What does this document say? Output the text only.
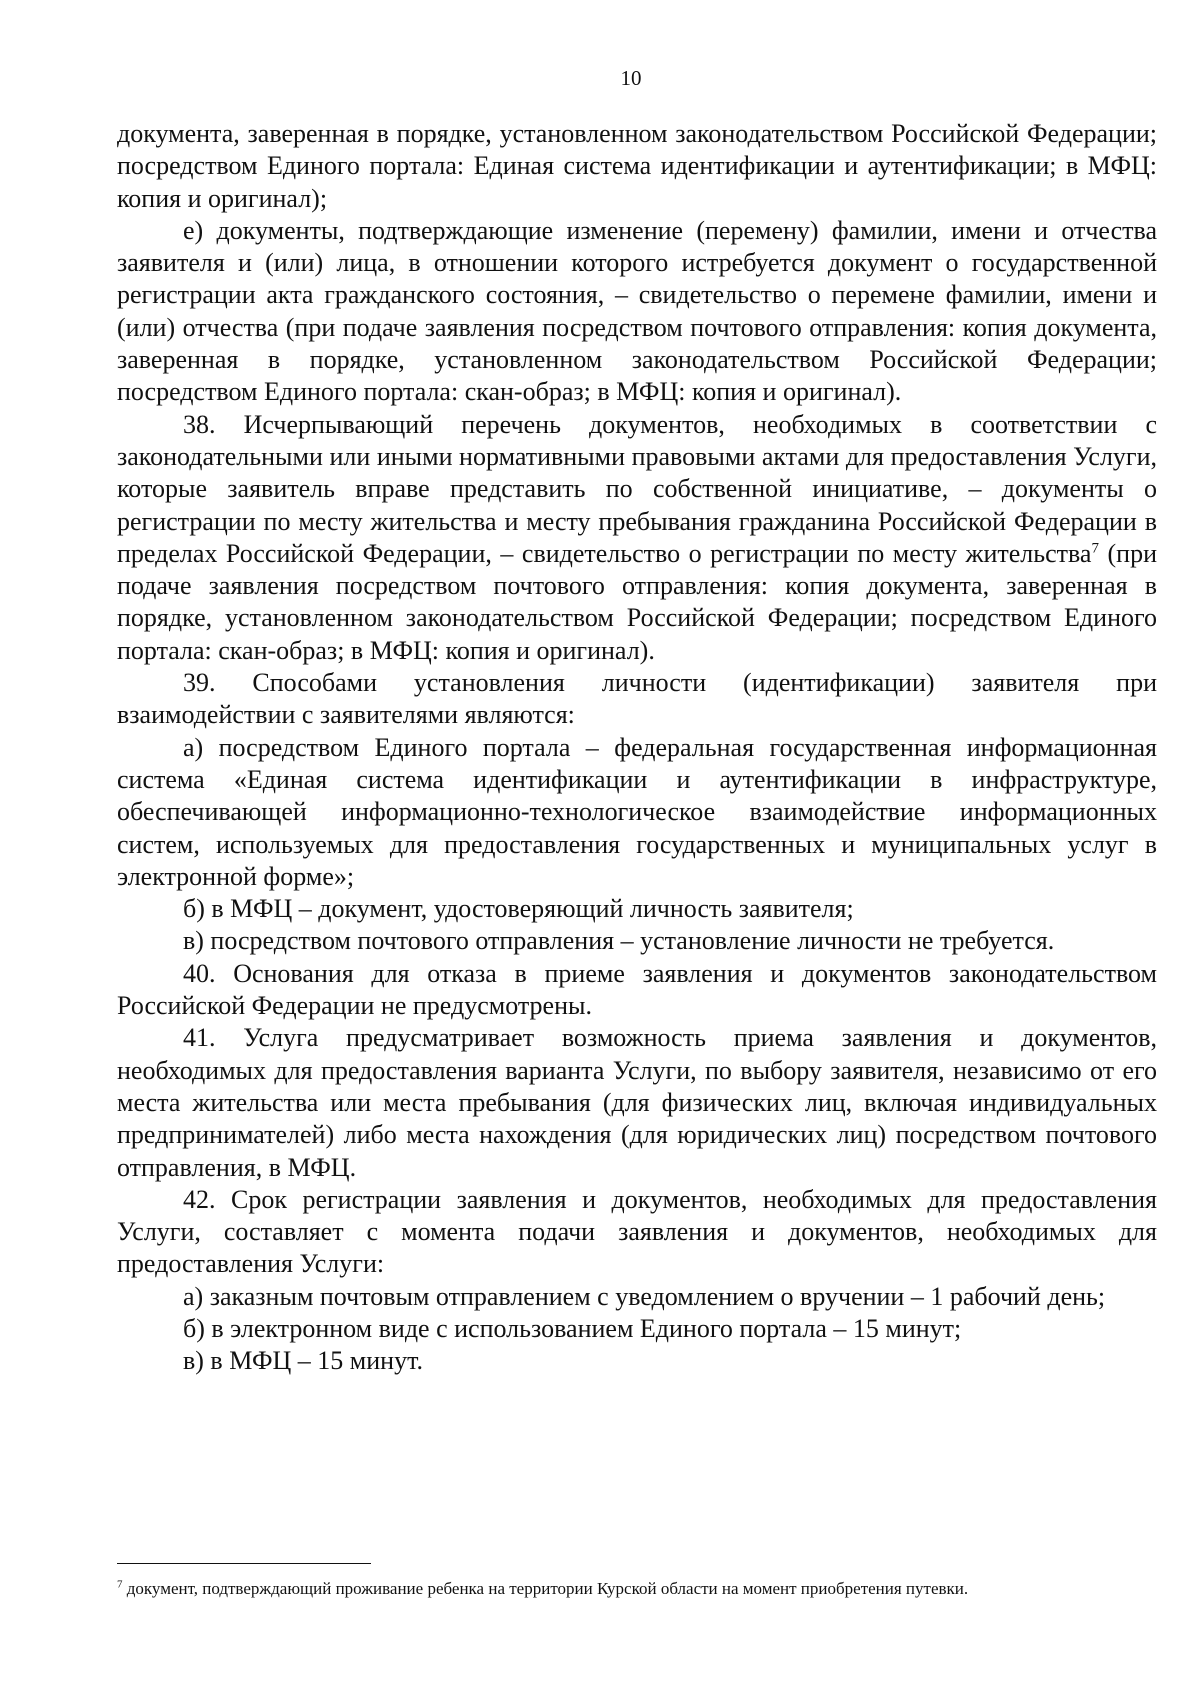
10

документа, заверенная в порядке, установленном законодательством Российской Федерации; посредством Единого портала: Единая система идентификации и аутентификации; в МФЦ: копия и оригинал);

е) документы, подтверждающие изменение (перемену) фамилии, имени и отчества заявителя и (или) лица, в отношении которого истребуется документ о государственной регистрации акта гражданского состояния, – свидетельство о перемене фамилии, имени и (или) отчества (при подаче заявления посредством почтового отправления: копия документа, заверенная в порядке, установленном законодательством Российской Федерации; посредством Единого портала: скан-образ; в МФЦ: копия и оригинал).

38. Исчерпывающий перечень документов, необходимых в соответствии с законодательными или иными нормативными правовыми актами для предоставления Услуги, которые заявитель вправе представить по собственной инициативе, – документы о регистрации по месту жительства и месту пребывания гражданина Российской Федерации в пределах Российской Федерации, – свидетельство о регистрации по месту жительства$^7$ (при подаче заявления посредством почтового отправления: копия документа, заверенная в порядке, установленном законодательством Российской Федерации; посредством Единого портала: скан-образ; в МФЦ: копия и оригинал).

39. Способами установления личности (идентификации) заявителя при взаимодействии с заявителями являются:

а) посредством Единого портала – федеральная государственная информационная система «Единая система идентификации и аутентификации в инфраструктуре, обеспечивающей информационно-технологическое взаимодействие информационных систем, используемых для предоставления государственных и муниципальных услуг в электронной форме»;

б) в МФЦ – документ, удостоверяющий личность заявителя;

в) посредством почтового отправления – установление личности не требуется.

40. Основания для отказа в приеме заявления и документов законодательством Российской Федерации не предусмотрены.

41. Услуга предусматривает возможность приема заявления и документов, необходимых для предоставления варианта Услуги, по выбору заявителя, независимо от его места жительства или места пребывания (для физических лиц, включая индивидуальных предпринимателей) либо места нахождения (для юридических лиц) посредством почтового отправления, в МФЦ.

42. Срок регистрации заявления и документов, необходимых для предоставления Услуги, составляет с момента подачи заявления и документов, необходимых для предоставления Услуги:

а) заказным почтовым отправлением с уведомлением о вручении – 1 рабочий день;

б) в электронном виде с использованием Единого портала – 15 минут;

в) в МФЦ – 15 минут.

$^7$ документ, подтверждающий проживание ребенка на территории Курской области на момент приобретения путевки.
